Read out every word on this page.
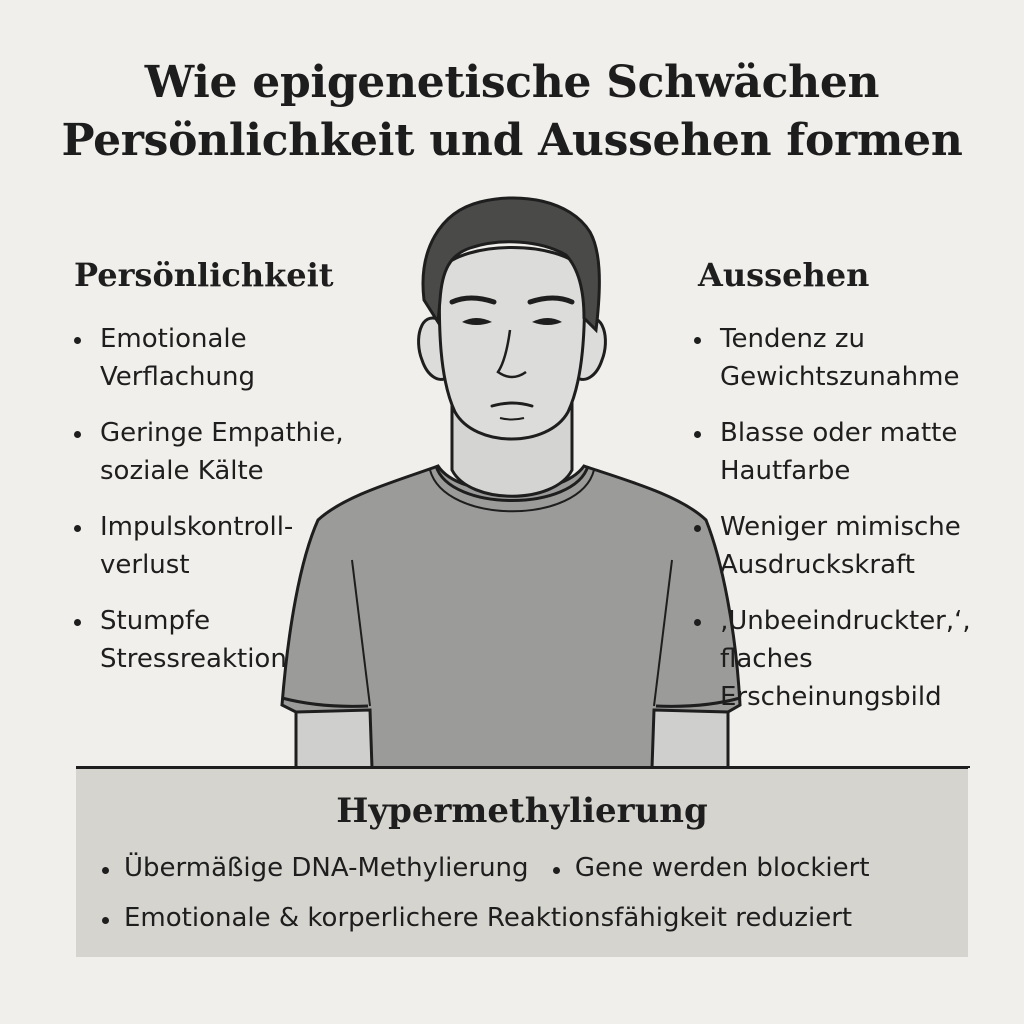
Wie epigenetische Schwächen
Persönlichkeit und Aussehen formen
Persönlichkeit
Emotionale Verflachung
Geringe Empathie, soziale Kälte
Impulskontroll-verlust
Stumpfe Stressreaktion
Aussehen
Tendenz zu Gewichtszunahme
Blasse oder matte Hautfarbe
Weniger mimische Ausdruckskraft
‚Unbeeindruckter,‘, flaches Erscheinungsbild
Hypermethylierung
Übermäßige DNA-Methylierung Gene werden blockiert
Emotionale & korperlichere Reaktionsfähigkeit reduziert
